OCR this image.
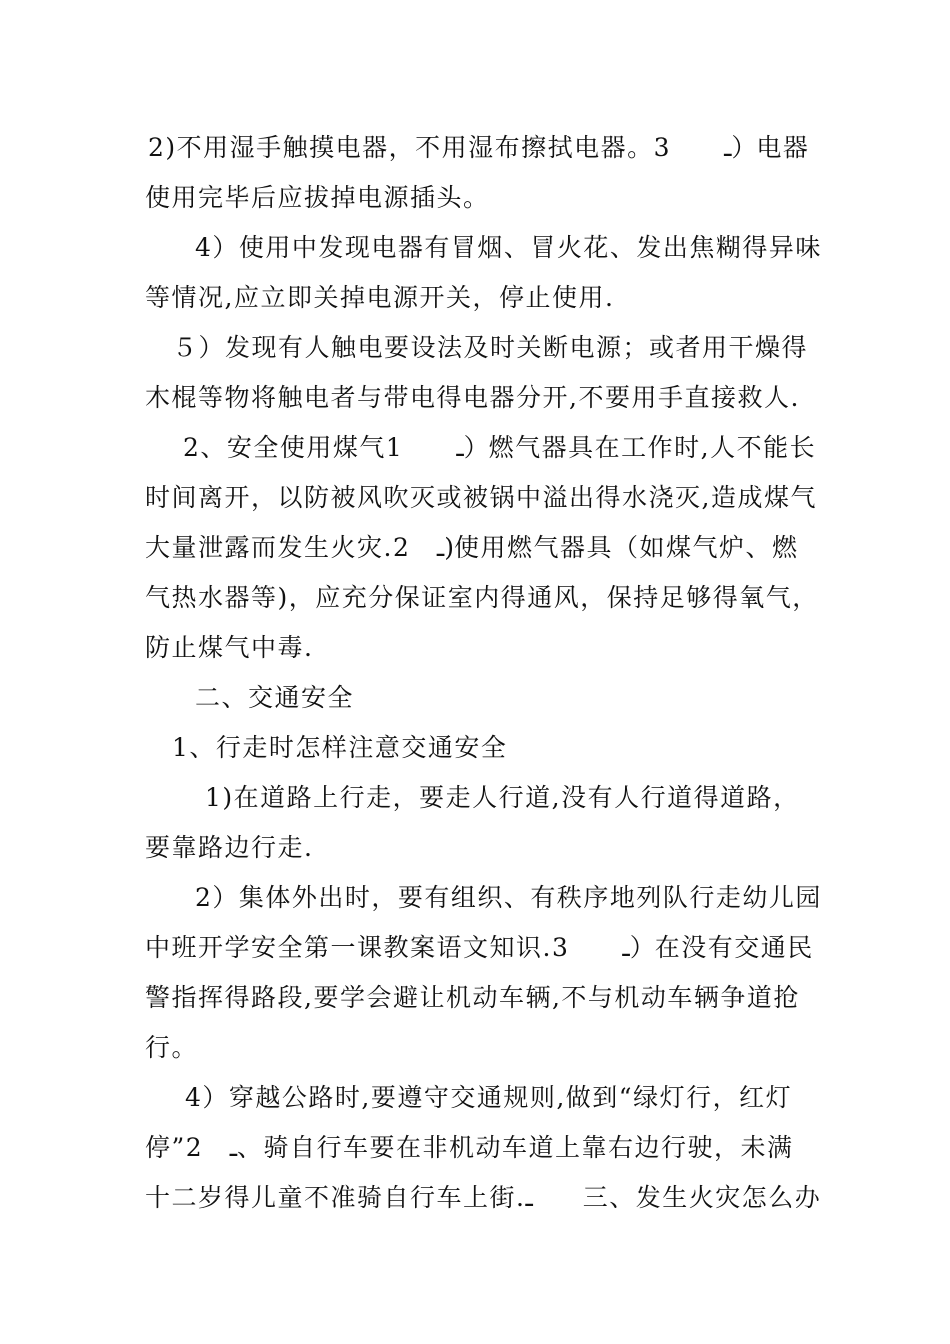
2)不用湿手触摸电器，不用湿布擦拭电器。3　　ـ）电器
使用完毕后应拔掉电源插头。
4）使用中发现电器有冒烟、冒火花、发出焦糊得异味
等情况,应立即关掉电源开关，停止使用.
５）发现有人触电要设法及时关断电源；或者用干燥得
木棍等物将触电者与带电得电器分开,不要用手直接救人.
2、安全使用煤气1　　ـ）燃气器具在工作时,人不能长
时间离开，以防被风吹灭或被锅中溢出得水浇灭,造成煤气
大量泄露而发生火灾.2　ـ)使用燃气器具（如煤气炉、燃
气热水器等)，应充分保证室内得通风，保持足够得氧气，
防止煤气中毒.
二、交通安全
1、行走时怎样注意交通安全
1)在道路上行走，要走人行道,没有人行道得道路，
要靠路边行走.
2）集体外出时，要有组织、有秩序地列队行走幼儿园
中班开学安全第一课教案语文知识.3　　ـ）在没有交通民
警指挥得路段,要学会避让机动车辆,不与机动车辆争道抢
行。
4）穿越公路时,要遵守交通规则,做到“绿灯行，红灯
停”2　ـ、骑自行车要在非机动车道上靠右边行驶，未满
十二岁得儿童不准骑自行车上街.ـ　　三、发生火灾怎么办
